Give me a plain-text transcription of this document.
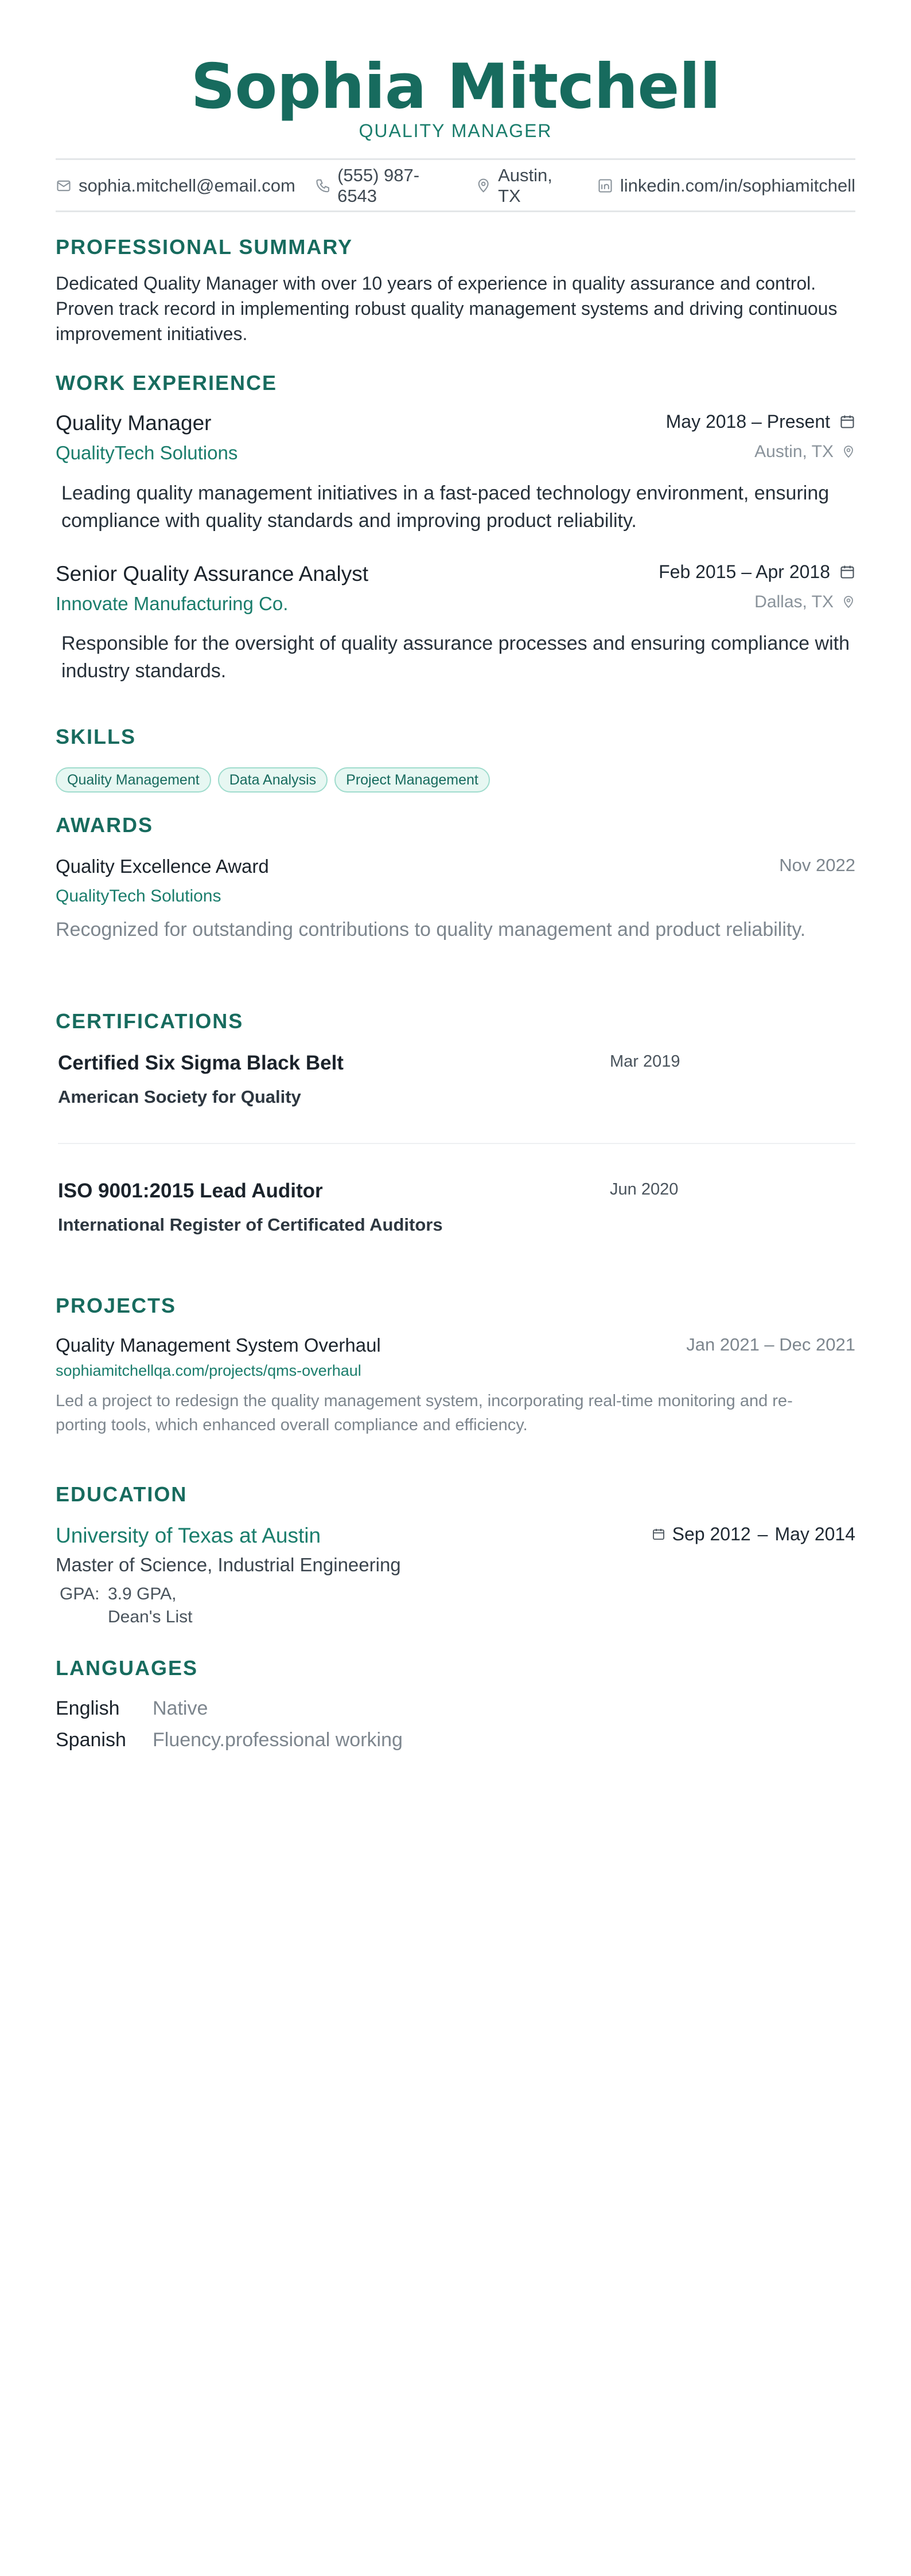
Sophia Mitchell
QUALITY MANAGER
sophia.mitchell@email.com
(555) 987-6543
Austin, TX
linkedin.com/in/sophiamitchell
PROFESSIONAL SUMMARY
Dedicated Quality Manager with over 10 years of experience in quality assurance and control. Proven track record in implementing robust quality management systems and driving continuous improvement initiatives.
WORK EXPERIENCE
Quality Manager	May 2018 – Present
QualityTech Solutions	Austin, TX
Leading quality management initiatives in a fast-paced technology environment, ensuring compliance with quality standards and improving product reliability.
Senior Quality Assurance Analyst	Feb 2015 – Apr 2018
Innovate Manufacturing Co.	Dallas, TX
Responsible for the oversight of quality assurance processes and ensuring compliance with industry standards.
SKILLS
Quality Management	Data Analysis	Project Management
AWARDS
Quality Excellence Award	Nov 2022
QualityTech Solutions
Recognized for outstanding contributions to quality management and product reliability.
CERTIFICATIONS
Certified Six Sigma Black Belt	Mar 2019
American Society for Quality
ISO 9001:2015 Lead Auditor	Jun 2020
International Register of Certificated Auditors
PROJECTS
Quality Management System Overhaul	Jan 2021 – Dec 2021
sophiamitchellqa.com/projects/qms-overhaul
Led a project to redesign the quality management system, incorporating real-time monitoring and re-
porting tools, which enhanced overall compliance and efficiency.
EDUCATION
University of Texas at Austin	Sep 2012 – May 2014
Master of Science, Industrial Engineering
GPA: 3.9 GPA,
Dean's List
LANGUAGES
English Native
Spanish Fluency.professional working
